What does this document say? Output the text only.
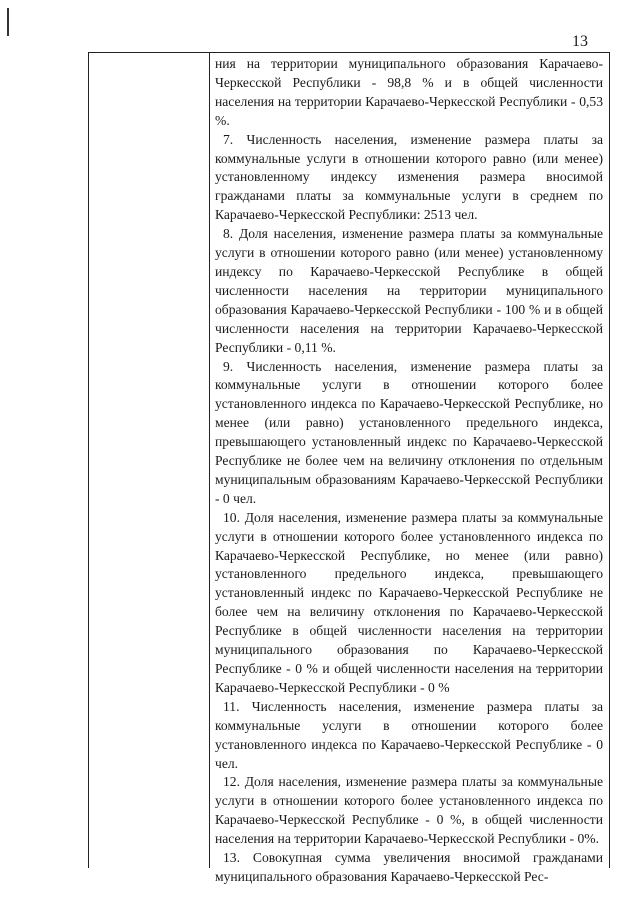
13

ния на территории муниципального образования Карачаево-Черкесской Республики - 98,8 % и в общей численности населения на территории Карачаево-Черкесской Республики - 0,53 %.

7. Численность населения, изменение размера платы за коммунальные услуги в отношении которого равно (или менее) установленному индексу изменения размера вносимой гражданами платы за коммунальные услуги в среднем по Карачаево-Черкесской Республики: 2513 чел.

8. Доля населения, изменение размера платы за коммунальные услуги в отношении которого равно (или менее) установленному индексу по Карачаево-Черкесской Республике в общей численности населения на территории муниципального образования Карачаево-Черкесской Республики - 100 % и в общей численности населения на территории Карачаево-Черкесской Республики - 0,11 %.

9. Численность населения, изменение размера платы за коммунальные услуги в отношении которого более установленного индекса по Карачаево-Черкесской Республике, но менее (или равно) установленного предельного индекса, превышающего установленный индекс по Карачаево-Черкесской Республике не более чем на величину отклонения по отдельным муниципальным образованиям Карачаево-Черкесской Республики - 0 чел.

10. Доля населения, изменение размера платы за коммунальные услуги в отношении которого более установленного индекса по Карачаево-Черкесской Республике, но менее (или равно) установленного предельного индекса, превышающего установленный индекс по Карачаево-Черкесской Республике не более чем на величину отклонения по Карачаево-Черкесской Республике в общей численности населения на территории муниципального образования по Карачаево-Черкесской Республике - 0 % и общей численности населения на территории Карачаево-Черкесской Республики - 0 %

11. Численность населения, изменение размера платы за коммунальные услуги в отношении которого более установленного индекса по Карачаево-Черкесской Республике - 0 чел.

12. Доля населения, изменение размера платы за коммунальные услуги в отношении которого более установленного индекса по Карачаево-Черкесской Республике - 0 %, в общей численности населения на территории Карачаево-Черкесской Республики - 0%.

13. Совокупная сумма увеличения вносимой гражданами муниципального образования Карачаево-Черкесской Рес-
